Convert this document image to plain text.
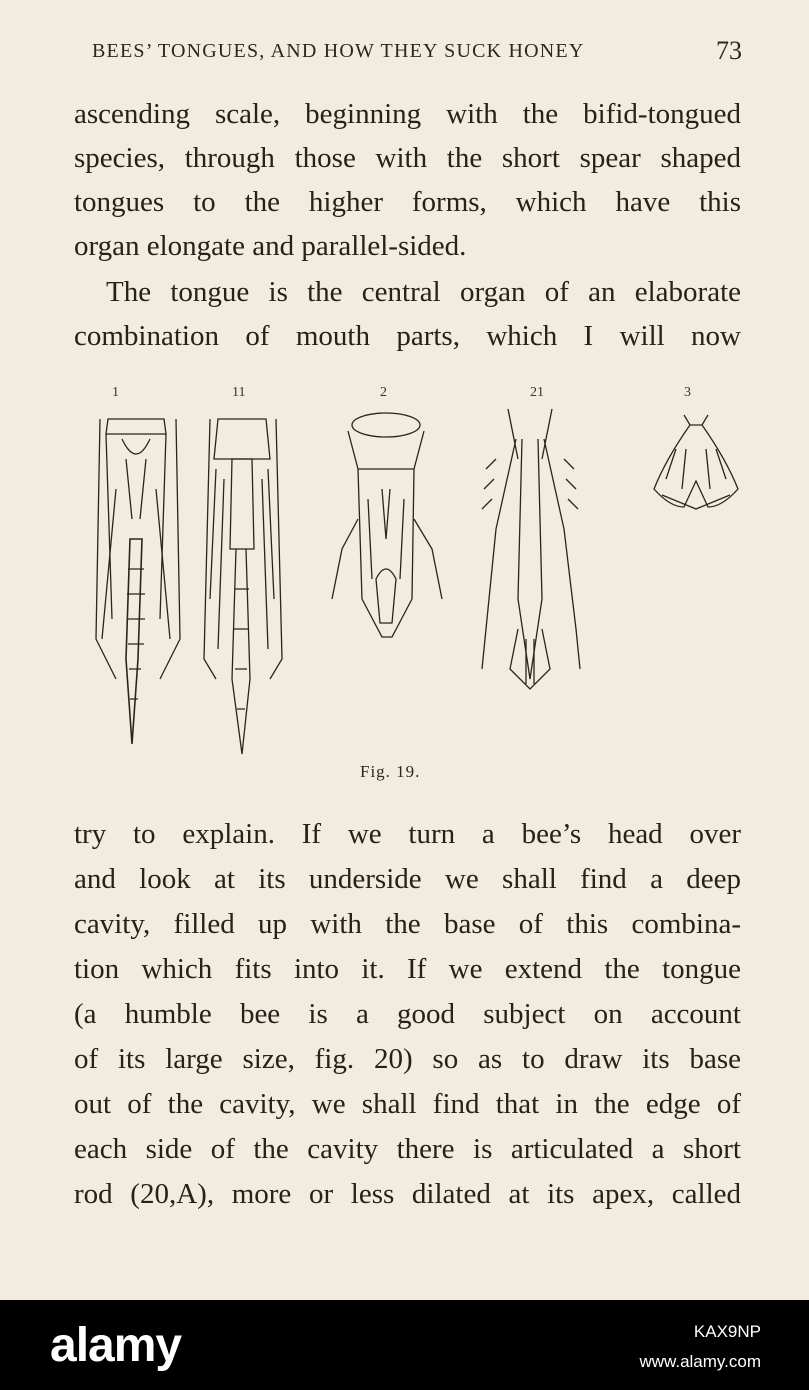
BEES’ TONGUES, AND HOW THEY SUCK HONEY	73
ascending scale, beginning with the bifid-tongued
species, through those with the short spear shaped
tongues to the higher forms, which have this
organ elongate and parallel-sided.
The tongue is the central organ of an elaborate
combination of mouth parts, which I will now
1	11	2	21	3
Fig. 19.
try to explain. If we turn a bee’s head over
and look at its underside we shall find a deep
cavity, filled up with the base of this combina-
tion which fits into it. If we extend the tongue
(a humble bee is a good subject on account
of its large size, fig. 20) so as to draw its base
out of the cavity, we shall find that in the edge of
each side of the cavity there is articulated a short
rod (20,A), more or less dilated at its apex, called
alamy	KAX9NP
www.alamy.com
